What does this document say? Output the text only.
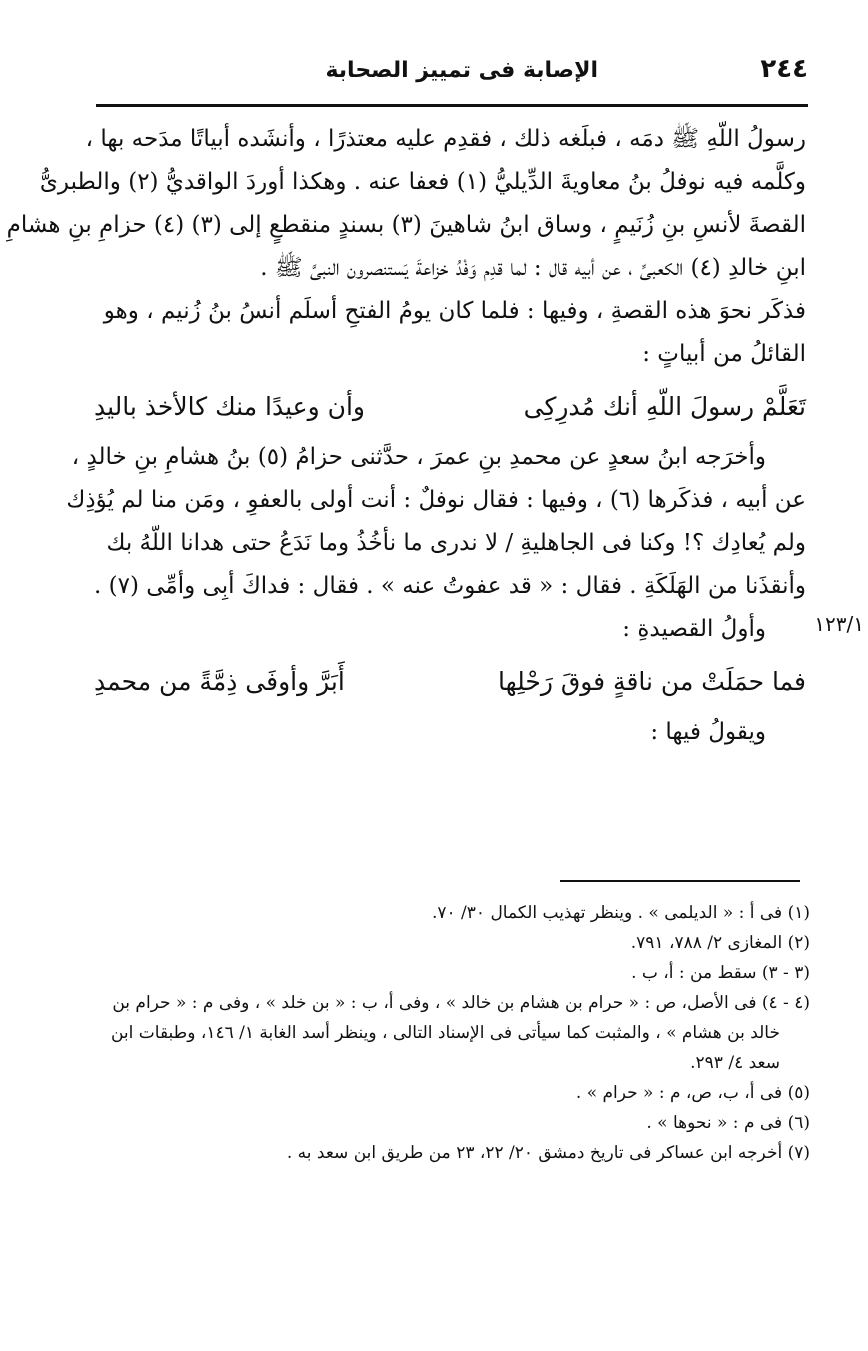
٢٤٤
الإصابة فى تمييز الصحابة
رسولُ اللّهِ ﷺ دمَه ، فبلَغه ذلك ، فقدِم عليه معتذرًا ، وأنشَده أبياتًا مدَحه بها ،
وكلَّمه فيه نوفلُ بنُ معاويةَ الدِّيليُّ (١) فعفا عنه . وهكذا أوردَ الواقديُّ (٢) والطبرىُّ
القصةَ لأنسِ بنِ زُنَيمٍ ، وساق ابنُ شاهينَ (٣) بسندٍ منقطعٍ إلى (٣) (٤) حزامِ بنِ هشامِ
ابنِ خالدِ (٤) الكعبىِّ ، عن أبيه قال : لما قدِم وَفْدُ خزاعةَ يَستنصرون النبىَّ ﷺ .
فذكَر نحوَ هذه القصةِ ، وفيها : فلما كان يومُ الفتحِ أسلَم أنسُ بنُ زُنيم ، وهو
القائلُ من أبياتٍ :
تَعَلَّمْ رسولَ اللّهِ أنك مُدرِكِى
وأن وعيدًا منك كالأخذ باليدِ
وأخرَجه ابنُ سعدٍ عن محمدِ بنِ عمرَ ، حدَّثنى حزامُ (٥) بنُ هشامِ بنِ خالدٍ ،
عن أبيه ، فذكَرها (٦) ، وفيها : فقال نوفلٌ : أنت أولى بالعفوِ ، ومَن منا لم يُؤذِك
ولم يُعادِك ؟! وكنا فى الجاهليةِ / لا ندرى ما نأخُذُ وما نَدَعُ حتى هدانا اللّهُ بك
وأنقذَنا من الهَلَكَةِ . فقال : « قد عفوتُ عنه » . فقال : فداكَ أبِى وأمِّى (٧) .
وأولُ القصيدةِ :
فما حمَلَتْ من ناقةٍ فوقَ رَحْلِها
أَبَرَّ وأوفَى ذِمَّةً من محمدِ
ويقولُ فيها :
١٢٣/١
(١) فى أ : « الديلمى » . وينظر تهذيب الكمال ٣٠/ ٧٠.
(٢) المغازى ٢/ ٧٨٨، ٧٩١.
(٣ - ٣) سقط من : أ، ب .
(٤ - ٤) فى الأصل، ص : « حرام بن هشام بن خالد » ، وفى أ، ب : « بن خلد » ، وفى م : « حرام بن
خالد بن هشام » ، والمثبت كما سيأتى فى الإسناد التالى ، وينظر أسد الغابة ١/ ١٤٦، وطبقات ابن
سعد ٤/ ٢٩٣.
(٥) فى أ، ب، ص، م : « حرام » .
(٦) فى م : « نحوها » .
(٧) أخرجه ابن عساكر فى تاريخ دمشق ٢٠/ ٢٢، ٢٣ من طريق ابن سعد به .
